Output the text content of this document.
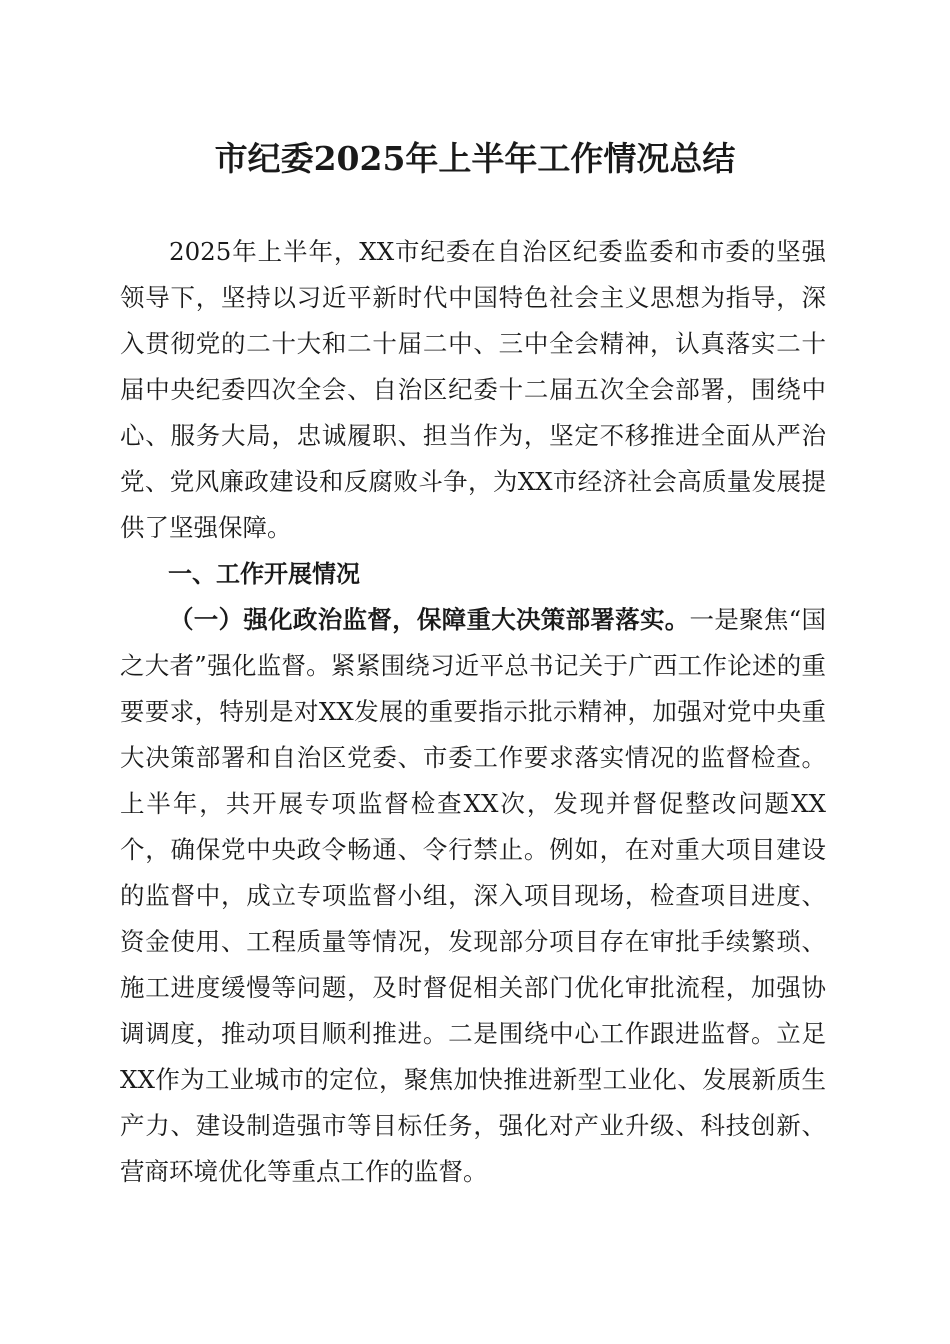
市纪委2025年上半年工作情况总结

2025年上半年，XX市纪委在自治区纪委监委和市委的坚强领导下，坚持以习近平新时代中国特色社会主义思想为指导，深入贯彻党的二十大和二十届二中、三中全会精神，认真落实二十届中央纪委四次全会、自治区纪委十二届五次全会部署，围绕中心、服务大局，忠诚履职、担当作为，坚定不移推进全面从严治党、党风廉政建设和反腐败斗争，为XX市经济社会高质量发展提供了坚强保障。

一、工作开展情况

（一）强化政治监督，保障重大决策部署落实。一是聚焦“国之大者”强化监督。紧紧围绕习近平总书记关于广西工作论述的重要要求，特别是对XX发展的重要指示批示精神，加强对党中央重大决策部署和自治区党委、市委工作要求落实情况的监督检查。上半年，共开展专项监督检查XX次，发现并督促整改问题XX个，确保党中央政令畅通、令行禁止。例如，在对重大项目建设的监督中，成立专项监督小组，深入项目现场，检查项目进度、资金使用、工程质量等情况，发现部分项目存在审批手续繁琐、施工进度缓慢等问题，及时督促相关部门优化审批流程，加强协调调度，推动项目顺利推进。二是围绕中心工作跟进监督。立足XX作为工业城市的定位，聚焦加快推进新型工业化、发展新质生产力、建设制造强市等目标任务，强化对产业升级、科技创新、营商环境优化等重点工作的监督。
